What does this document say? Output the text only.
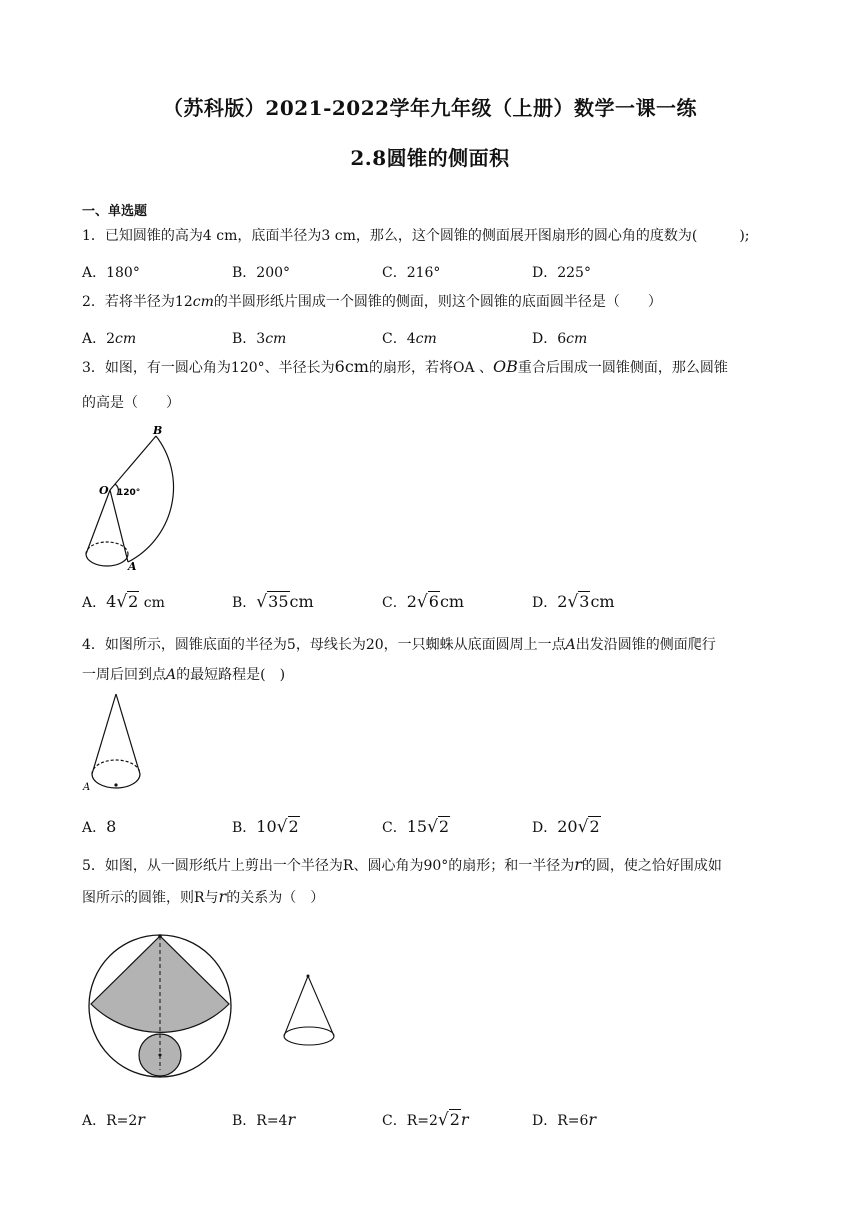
（苏科版）2021-2022学年九年级（上册）数学一课一练
2.8圆锥的侧面积
一、单选题
1．已知圆锥的高为4 cm，底面半径为3 cm，那么，这个圆锥的侧面展开图扇形的圆心角的度数为(　　　);
A．180°	B．200°	C．216°	D．225°
2．若将半径为12cm的半圆形纸片围成一个圆锥的侧面，则这个圆锥的底面圆半径是（　　）
A．2cm	B．3cm	C．4cm	D．6cm
3．如图，有一圆心角为120°、半径长为6cm的扇形，若将OA 、OB重合后围成一圆锥侧面，那么圆锥
的高是（　　）
B
O 120°
A
A．4√2 cm	B．√35cm	C．2√6cm	D．2√3cm
4．如图所示，圆锥底面的半径为5，母线长为20，一只蜘蛛从底面圆周上一点A出发沿圆锥的侧面爬行
一周后回到点A的最短路程是(　)
A
A．8	B．10√2	C．15√2	D．20√2
5．如图，从一圆形纸片上剪出一个半径为R、圆心角为90°的扇形；和一半径为r的圆，使之恰好围成如
图所示的圆锥，则R与r的关系为（　）
A．R=2r	B．R=4r	C．R=2√2r	D．R=6r
